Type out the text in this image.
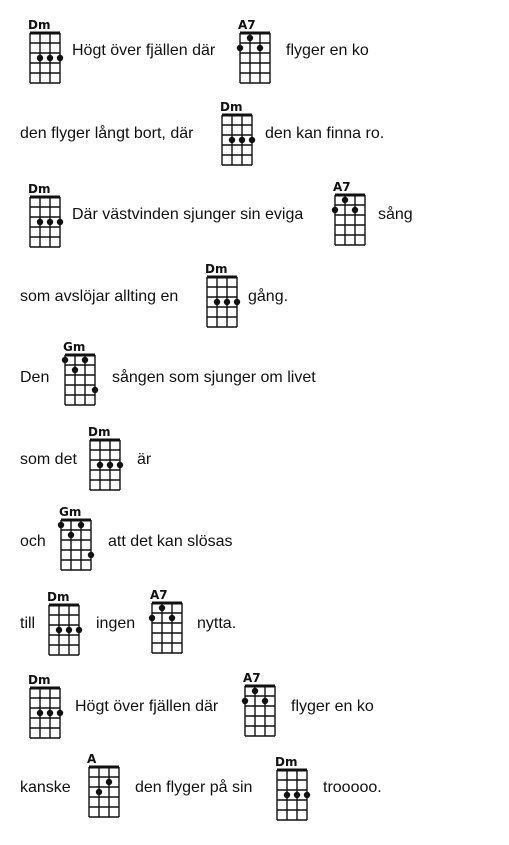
Dm
Högt över fjällen där
A7
flyger en ko
den flyger långt bort, där
Dm
den kan finna ro.
Dm
Där västvinden sjunger sin eviga
A7
sång
som avslöjar allting en
Dm
gång.
Den
Gm
sången som sjunger om livet
som det
Dm
är
och
Gm
att det kan slösas
till
Dm
ingen
A7
nytta.
Dm
Högt över fjällen där
A7
flyger en ko
kanske
A
den flyger på sin
Dm
trooooo.
